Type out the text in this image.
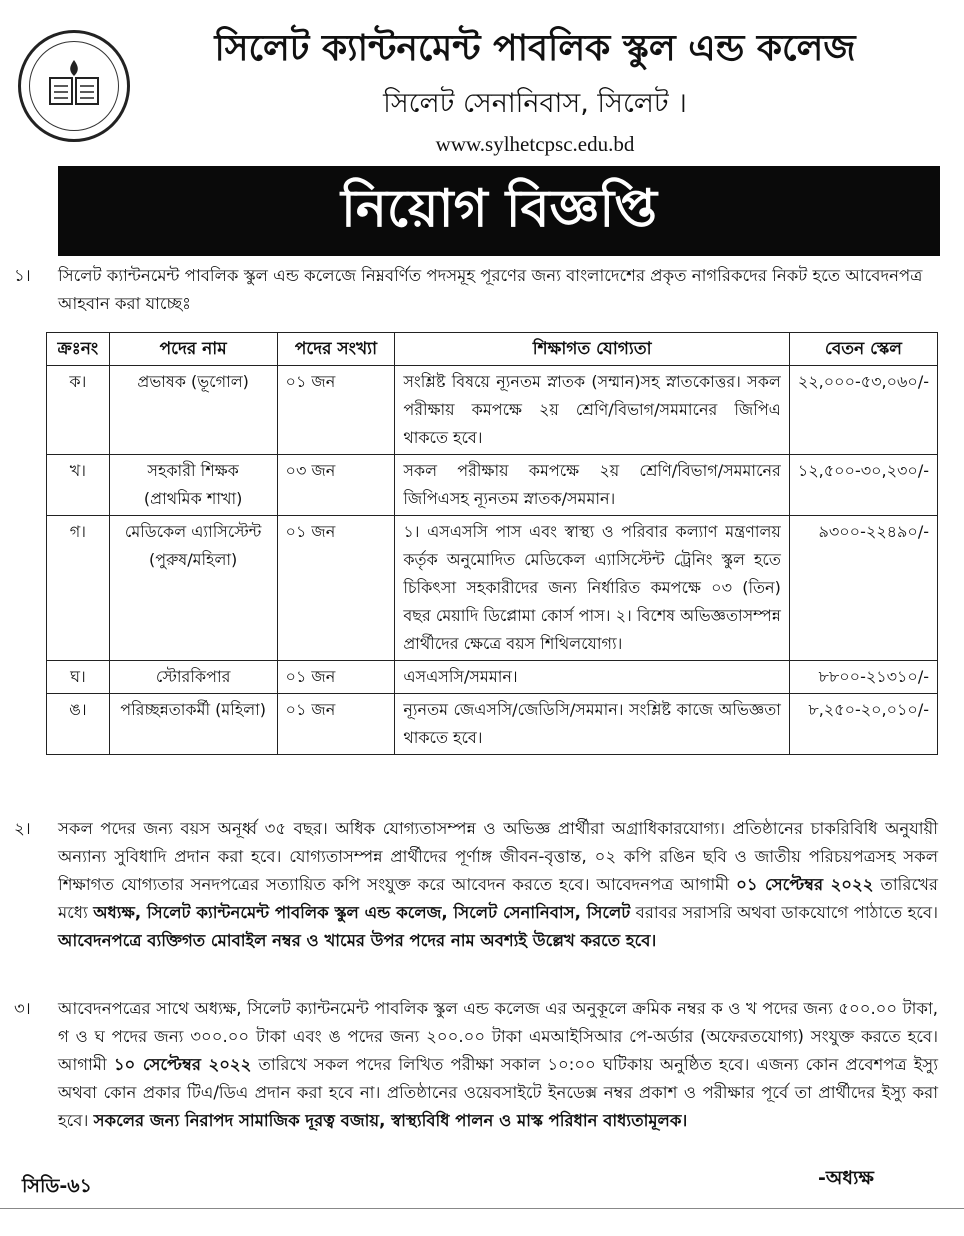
সিলেট ক্যান্টনমেন্ট পাবলিক স্কুল এন্ড কলেজ
সিলেট সেনানিবাস, সিলেট ।
www.sylhetcpsc.edu.bd
নিয়োগ বিজ্ঞপ্তি
১। সিলেট ক্যান্টনমেন্ট পাবলিক স্কুল এন্ড কলেজে নিম্নবর্ণিত পদসমূহ পূরণের জন্য বাংলাদেশের প্রকৃত নাগরিকদের নিকট হতে আবেদনপত্র আহবান করা যাচ্ছেঃ
ক্রঃনং	পদের নাম	পদের সংখ্যা	শিক্ষাগত যোগ্যতা	বেতন স্কেল
ক।	প্রভাষক (ভূগোল)	০১ জন	সংশ্লিষ্ট বিষয়ে ন্যূনতম স্নাতক (সম্মান)সহ স্নাতকোত্তর। সকল পরীক্ষায় কমপক্ষে ২য় শ্রেণি/বিভাগ/সমমানের জিপিএ থাকতে হবে।	২২,০০০-৫৩,০৬০/-
খ।	সহকারী শিক্ষক (প্রাথমিক শাখা)	০৩ জন	সকল পরীক্ষায় কমপক্ষে ২য় শ্রেণি/বিভাগ/সমমানের জিপিএসহ ন্যূনতম স্নাতক/সমমান।	১২,৫০০-৩০,২৩০/-
গ।	মেডিকেল এ্যাসিস্টেন্ট (পুরুষ/মহিলা)	০১ জন	১। এসএসসি পাস এবং স্বাস্থ্য ও পরিবার কল্যাণ মন্ত্রণালয় কর্তৃক অনুমোদিত মেডিকেল এ্যাসিস্টেন্ট ট্রেনিং স্কুল হতে চিকিৎসা সহকারীদের জন্য নির্ধারিত কমপক্ষে ০৩ (তিন) বছর মেয়াদি ডিপ্লোমা কোর্স পাস। ২। বিশেষ অভিজ্ঞতাসম্পন্ন প্রার্থীদের ক্ষেত্রে বয়স শিথিলযোগ্য।	৯৩০০-২২৪৯০/-
ঘ।	স্টোরকিপার	০১ জন	এসএসসি/সমমান।	৮৮০০-২১৩১০/-
ঙ।	পরিচ্ছন্নতাকর্মী (মহিলা)	০১ জন	ন্যূনতম জেএসসি/জেডিসি/সমমান। সংশ্লিষ্ট কাজে অভিজ্ঞতা থাকতে হবে।	৮,২৫০-২০,০১০/-
২। সকল পদের জন্য বয়স অনূর্ধ্ব ৩৫ বছর। অধিক যোগ্যতাসম্পন্ন ও অভিজ্ঞ প্রার্থীরা অগ্রাধিকারযোগ্য। প্রতিষ্ঠানের চাকরিবিধি অনুযায়ী অন্যান্য সুবিধাদি প্রদান করা হবে। যোগ্যতাসম্পন্ন প্রার্থীদের পূর্ণাঙ্গ জীবন-বৃত্তান্ত, ০২ কপি রঙিন ছবি ও জাতীয় পরিচয়পত্রসহ সকল শিক্ষাগত যোগ্যতার সনদপত্রের সত্যায়িত কপি সংযুক্ত করে আবেদন করতে হবে। আবেদনপত্র আগামী ০১ সেপ্টেম্বর ২০২২ তারিখের মধ্যে অধ্যক্ষ, সিলেট ক্যান্টনমেন্ট পাবলিক স্কুল এন্ড কলেজ, সিলেট সেনানিবাস, সিলেট বরাবর সরাসরি অথবা ডাকযোগে পাঠাতে হবে। আবেদনপত্রে ব্যক্তিগত মোবাইল নম্বর ও খামের উপর পদের নাম অবশ্যই উল্লেখ করতে হবে।
৩। আবেদনপত্রের সাথে অধ্যক্ষ, সিলেট ক্যান্টনমেন্ট পাবলিক স্কুল এন্ড কলেজ এর অনুকূলে ক্রমিক নম্বর ক ও খ পদের জন্য ৫০০.০০ টাকা, গ ও ঘ পদের জন্য ৩০০.০০ টাকা এবং ঙ পদের জন্য ২০০.০০ টাকা এমআইসিআর পে-অর্ডার (অফেরতযোগ্য) সংযুক্ত করতে হবে। আগামী ১০ সেপ্টেম্বর ২০২২ তারিখে সকল পদের লিখিত পরীক্ষা সকাল ১০:০০ ঘটিকায় অনুষ্ঠিত হবে। এজন্য কোন প্রবেশপত্র ইস্যু অথবা কোন প্রকার টিএ/ডিএ প্রদান করা হবে না। প্রতিষ্ঠানের ওয়েবসাইটে ইনডেক্স নম্বর প্রকাশ ও পরীক্ষার পূর্বে তা প্রার্থীদের ইস্যু করা হবে। সকলের জন্য নিরাপদ সামাজিক দূরত্ব বজায়, স্বাস্থ্যবিধি পালন ও মাস্ক পরিধান বাধ্যতামূলক।
সিডি-৬১	-অধ্যক্ষ
